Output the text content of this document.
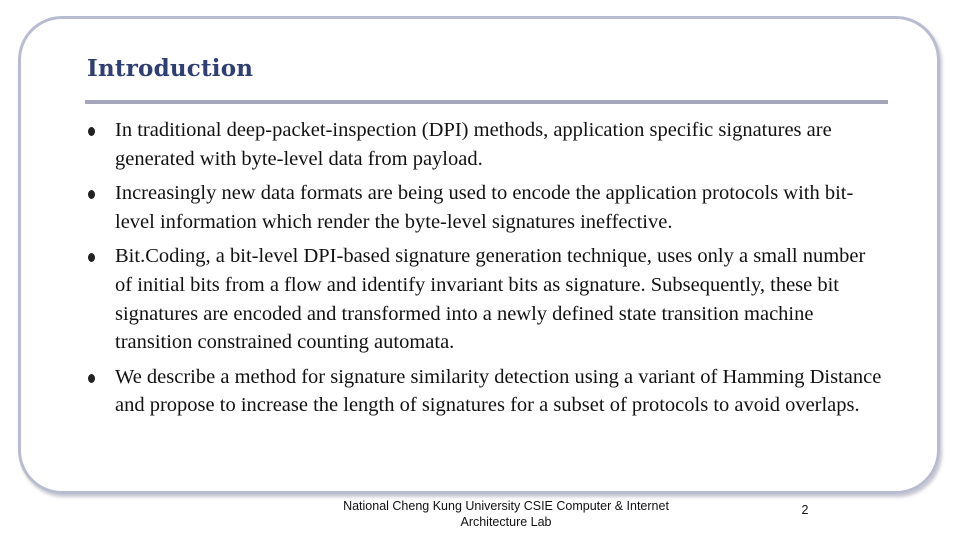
Introduction
In traditional deep-packet-inspection (DPI) methods, application specific signatures are generated with byte-level data from payload.
Increasingly new data formats are being used to encode the application protocols with bit-level information which render the byte-level signatures ineffective.
Bit.Coding, a bit-level DPI-based signature generation technique, uses only a small number of initial bits from a flow and identify invariant bits as signature. Subsequently, these bit signatures are encoded and transformed into a newly defined state transition machine transition constrained counting automata.
We describe a method for signature similarity detection using a variant of Hamming Distance and propose to increase the length of signatures for a subset of protocols to avoid overlaps.
National Cheng Kung University CSIE Computer & Internet
Architecture Lab
2
